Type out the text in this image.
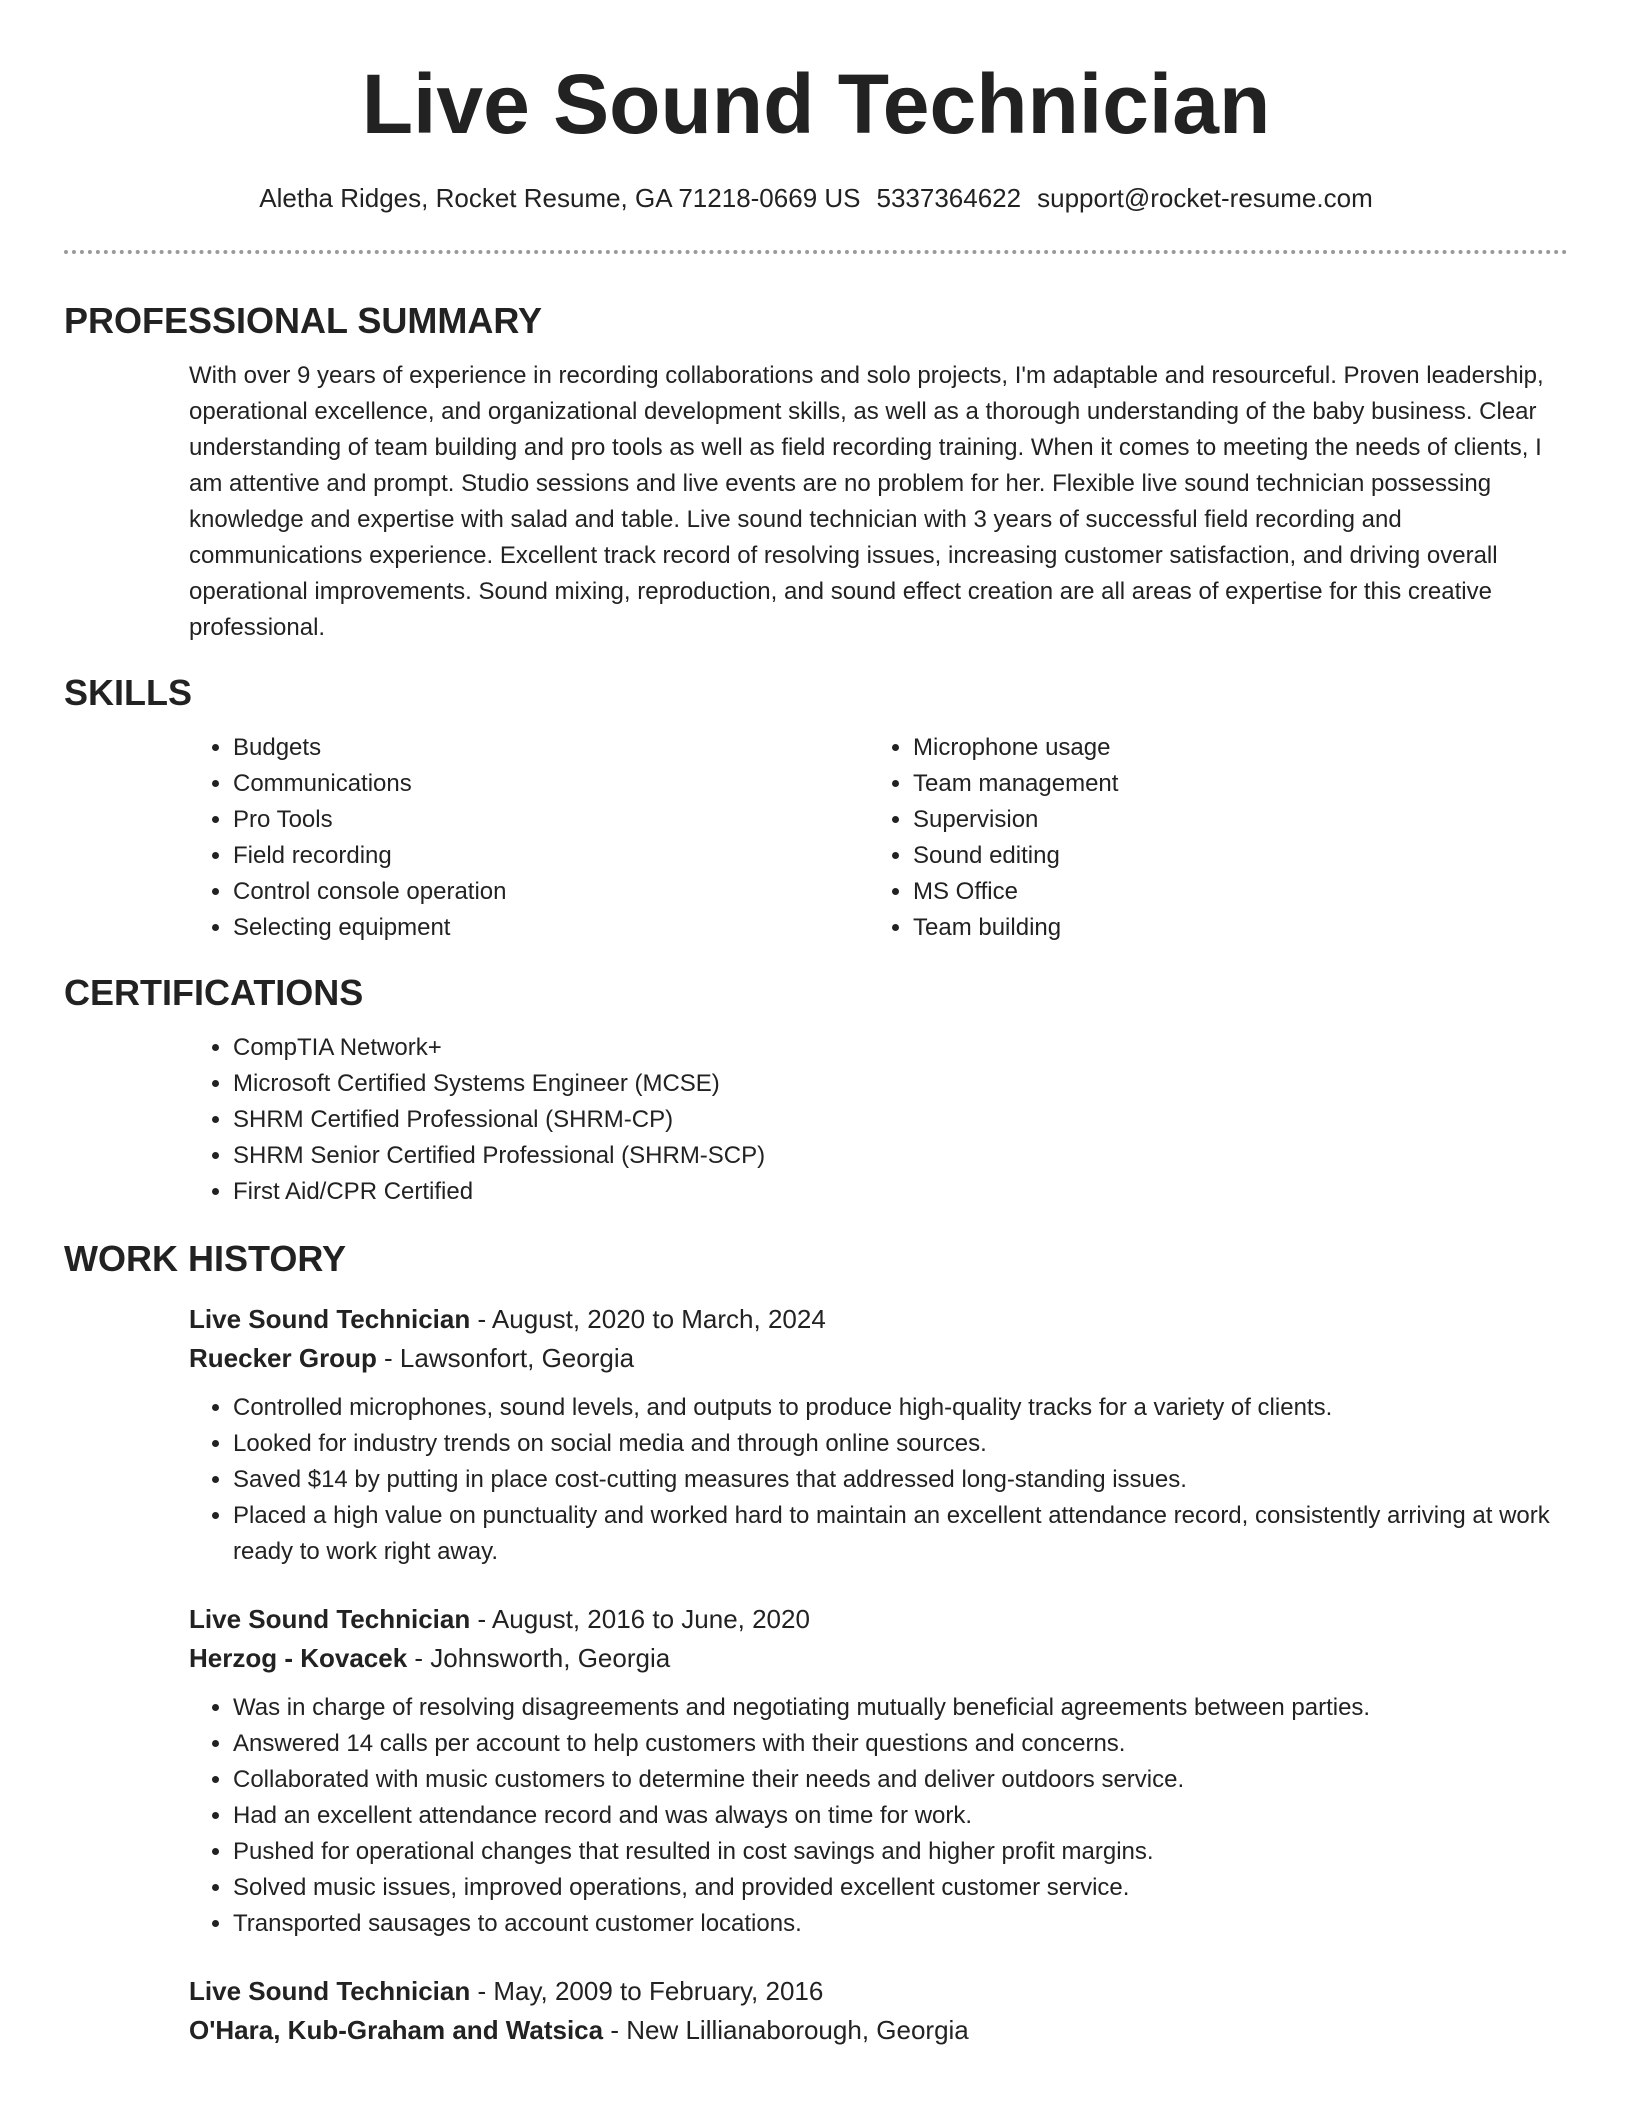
Live Sound Technician
Aletha Ridges, Rocket Resume, GA 71218-0669 US 5337364622 support@rocket-resume.com
PROFESSIONAL SUMMARY

With over 9 years of experience in recording collaborations and solo projects, I'm adaptable and resourceful. Proven leadership, operational excellence, and organizational development skills, as well as a thorough understanding of the baby business. Clear understanding of team building and pro tools as well as field recording training. When it comes to meeting the needs of clients, I am attentive and prompt. Studio sessions and live events are no problem for her. Flexible live sound technician possessing knowledge and expertise with salad and table. Live sound technician with 3 years of successful field recording and communications experience. Excellent track record of resolving issues, increasing customer satisfaction, and driving overall operational improvements. Sound mixing, reproduction, and sound effect creation are all areas of expertise for this creative professional.

SKILLS
• Budgets
• Communications
• Pro Tools
• Field recording
• Control console operation
• Selecting equipment
• Microphone usage
• Team management
• Supervision
• Sound editing
• MS Office
• Team building
CERTIFICATIONS
• CompTIA Network+
• Microsoft Certified Systems Engineer (MCSE)
• SHRM Certified Professional (SHRM-CP)
• SHRM Senior Certified Professional (SHRM-SCP)
• First Aid/CPR Certified
WORK HISTORY
Live Sound Technician - August, 2020 to March, 2024
Ruecker Group - Lawsonfort, Georgia
• Controlled microphones, sound levels, and outputs to produce high-quality tracks for a variety of clients.
• Looked for industry trends on social media and through online sources.
• Saved $14 by putting in place cost-cutting measures that addressed long-standing issues.
• Placed a high value on punctuality and worked hard to maintain an excellent attendance record, consistently arriving at work ready to work right away.
Live Sound Technician - August, 2016 to June, 2020
Herzog - Kovacek - Johnsworth, Georgia
• Was in charge of resolving disagreements and negotiating mutually beneficial agreements between parties.
• Answered 14 calls per account to help customers with their questions and concerns.
• Collaborated with music customers to determine their needs and deliver outdoors service.
• Had an excellent attendance record and was always on time for work.
• Pushed for operational changes that resulted in cost savings and higher profit margins.
• Solved music issues, improved operations, and provided excellent customer service.
• Transported sausages to account customer locations.
Live Sound Technician - May, 2009 to February, 2016
O'Hara, Kub-Graham and Watsica - New Lillianaborough, Georgia
